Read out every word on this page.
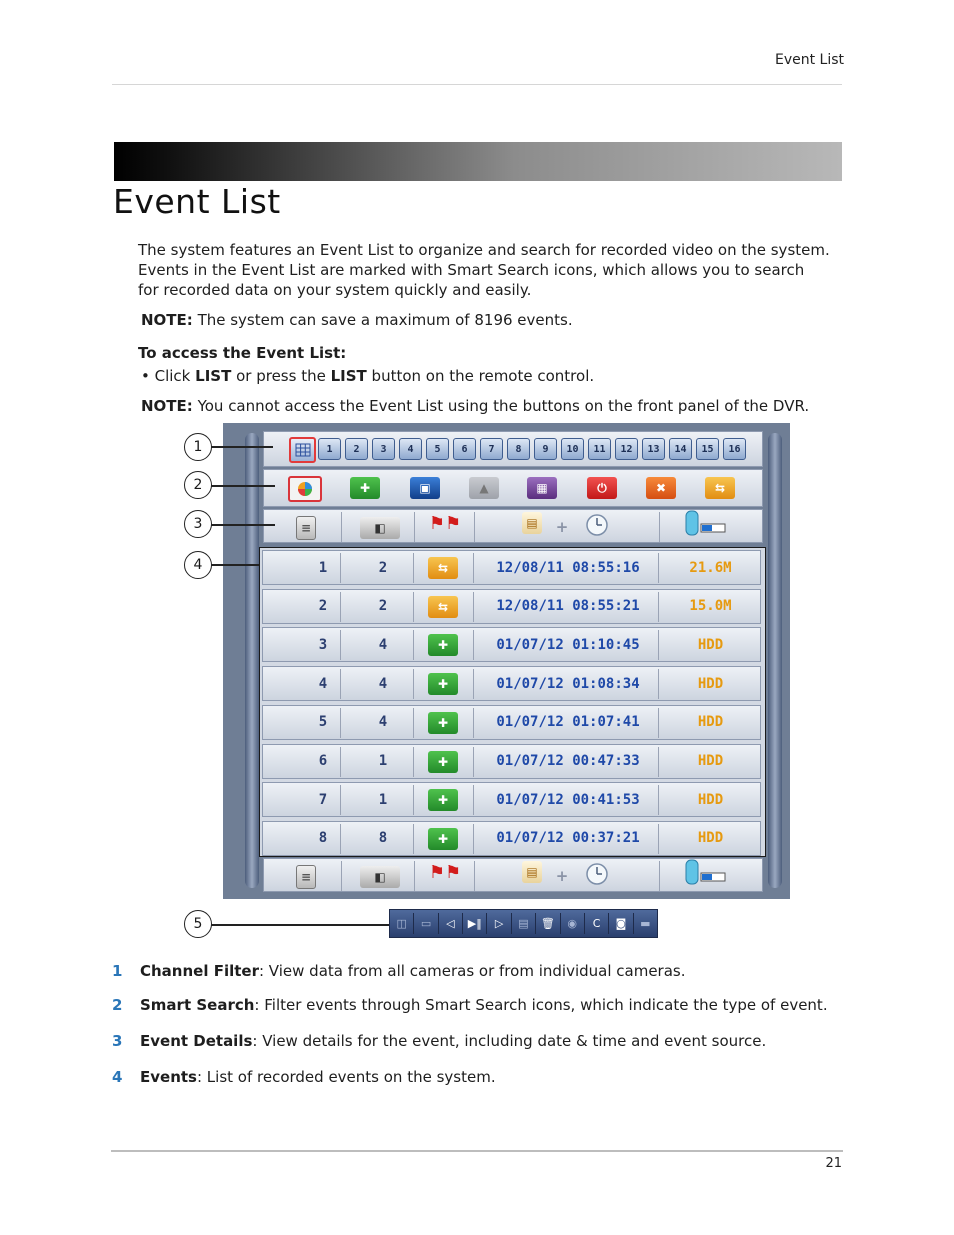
Event List
Event List
The system features an Event List to organize and search for recorded video on the system.
Events in the Event List are marked with Smart Search icons, which allows you to search
for recorded data on your system quickly and easily.
NOTE: The system can save a maximum of 8196 events.
To access the Event List:
• Click LIST or press the LIST button on the remote control.
NOTE: You cannot access the Event List using the buttons on the front panel of the DVR.
1	2	3	4	5	6	7	8	9	10	11	12	13	14	15	16
✚	▣	▲	▦	⏻	✖	⇆
≡	◧	⚑⚑	▤ +
1	2	⇆	12/08/11 08:55:16	21.6M
2	2	⇆	12/08/11 08:55:21	15.0M
3	4	✚	01/07/12 01:10:45	HDD
4	4	✚	01/07/12 01:08:34	HDD
5	4	✚	01/07/12 01:07:41	HDD
6	1	✚	01/07/12 00:47:33	HDD
7	1	✚	01/07/12 00:41:53	HDD
8	8	✚	01/07/12 00:37:21	HDD
≡	◧	⚑⚑	▤ +
1
2
3
4
5	◫	▭	◁	▶‖	▷	▤	🗑	◉	C	◙	▬
1 Channel Filter: View data from all cameras or from individual cameras.
2 Smart Search: Filter events through Smart Search icons, which indicate the type of event.
3 Event Details: View details for the event, including date & time and event source.
4 Events: List of recorded events on the system.
21
